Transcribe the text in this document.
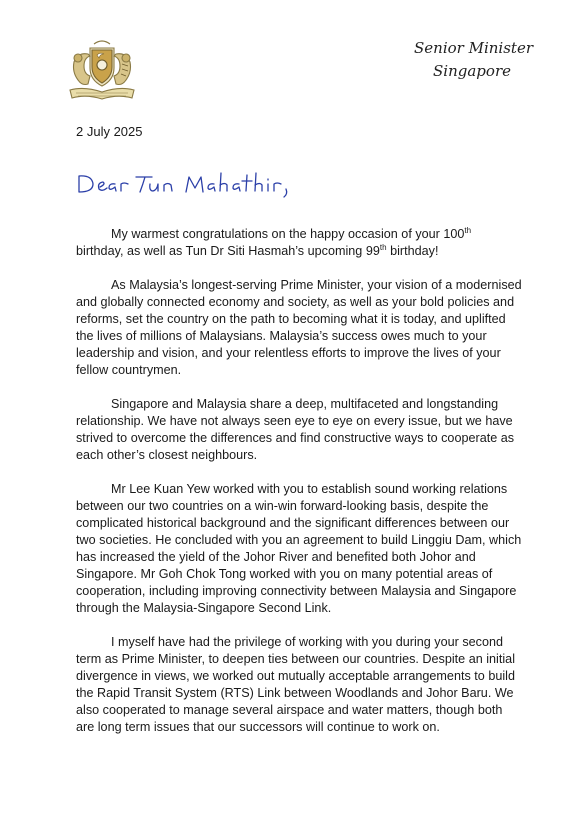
Senior Minister
Singapore
2 July 2025

My warmest congratulations on the happy occasion of your 100th birthday, as well as Tun Dr Siti Hasmah’s upcoming 99th birthday!

As Malaysia’s longest-serving Prime Minister, your vision of a modernised and globally connected economy and society, as well as your bold policies and reforms, set the country on the path to becoming what it is today, and uplifted the lives of millions of Malaysians. Malaysia’s success owes much to your leadership and vision, and your relentless efforts to improve the lives of your fellow countrymen.

Singapore and Malaysia share a deep, multifaceted and longstanding relationship. We have not always seen eye to eye on every issue, but we have strived to overcome the differences and find constructive ways to cooperate as each other’s closest neighbours.

Mr Lee Kuan Yew worked with you to establish sound working relations between our two countries on a win-win forward-looking basis, despite the complicated historical background and the significant differences between our two societies. He concluded with you an agreement to build Linggiu Dam, which has increased the yield of the Johor River and benefited both Johor and Singapore. Mr Goh Chok Tong worked with you on many potential areas of cooperation, including improving connectivity between Malaysia and Singapore through the Malaysia-Singapore Second Link.

I myself have had the privilege of working with you during your second term as Prime Minister, to deepen ties between our countries. Despite an initial divergence in views, we worked out mutually acceptable arrangements to build the Rapid Transit System (RTS) Link between Woodlands and Johor Baru. We also cooperated to manage several airspace and water matters, though both are long term issues that our successors will continue to work on.
